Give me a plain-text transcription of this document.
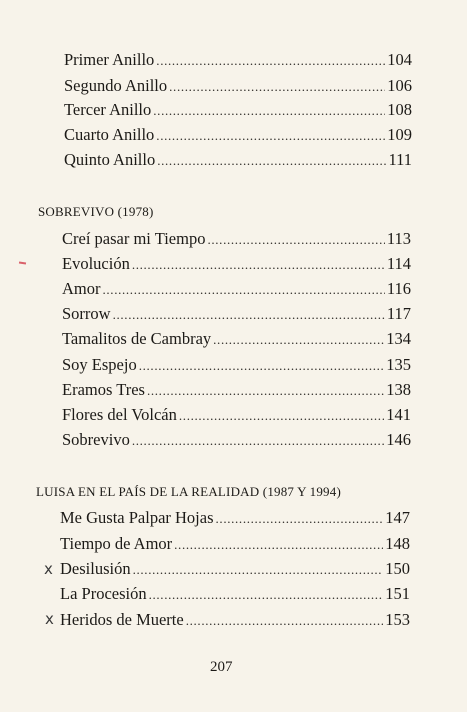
Primer Anillo . . .	104
Segundo Anillo . . .	106
Tercer Anillo . . .	108
Cuarto Anillo . . .	109
Quinto Anillo . . .	111
SOBREVIVO (1978)
Creí pasar mi Tiempo . . .	113
Evolución . . .	114
Amor . . .	116
Sorrow . . .	117
Tamalitos de Cambray . . .	134
Soy Espejo . . .	135
Eramos Tres . . .	138
Flores del Volcán . . .	141
Sobrevivo . . .	146
LUISA EN EL PAÍS DE LA REALIDAD (1987 Y 1994)
Me Gusta Palpar Hojas . . .	147
Tiempo de Amor . . .	148
x Desilusión . . .	150
La Procesión . . .	151
x Heridos de Muerte . . .	153
207
